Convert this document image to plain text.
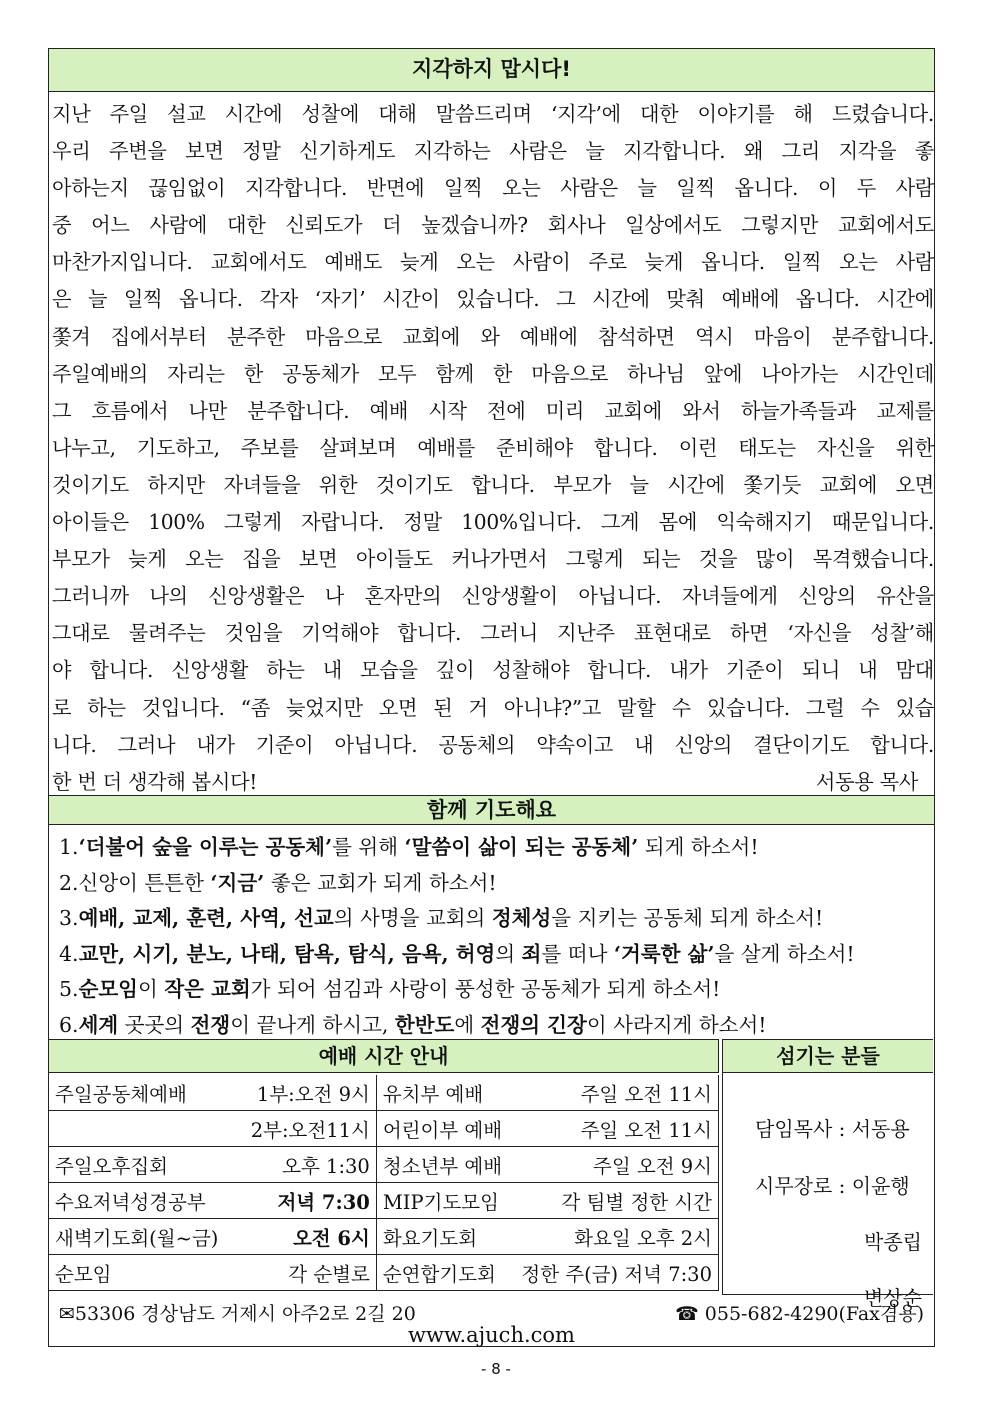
지각하지 맙시다!
지난 주일 설교 시간에 성찰에 대해 말씀드리며 ‘지각’에 대한 이야기를 해 드렸습니다.
우리 주변을 보면 정말 신기하게도 지각하는 사람은 늘 지각합니다. 왜 그리 지각을 좋
아하는지 끊임없이 지각합니다. 반면에 일찍 오는 사람은 늘 일찍 옵니다. 이 두 사람
중 어느 사람에 대한 신뢰도가 더 높겠습니까? 회사나 일상에서도 그렇지만 교회에서도
마찬가지입니다. 교회에서도 예배도 늦게 오는 사람이 주로 늦게 옵니다. 일찍 오는 사람
은 늘 일찍 옵니다. 각자 ‘자기’ 시간이 있습니다. 그 시간에 맞춰 예배에 옵니다. 시간에
쫓겨 집에서부터 분주한 마음으로 교회에 와 예배에 참석하면 역시 마음이 분주합니다.
주일예배의 자리는 한 공동체가 모두 함께 한 마음으로 하나님 앞에 나아가는 시간인데
그 흐름에서 나만 분주합니다. 예배 시작 전에 미리 교회에 와서 하늘가족들과 교제를
나누고, 기도하고, 주보를 살펴보며 예배를 준비해야 합니다. 이런 태도는 자신을 위한
것이기도 하지만 자녀들을 위한 것이기도 합니다. 부모가 늘 시간에 쫓기듯 교회에 오면
아이들은 100% 그렇게 자랍니다. 정말 100%입니다. 그게 몸에 익숙해지기 때문입니다.
부모가 늦게 오는 집을 보면 아이들도 커나가면서 그렇게 되는 것을 많이 목격했습니다.
그러니까 나의 신앙생활은 나 혼자만의 신앙생활이 아닙니다. 자녀들에게 신앙의 유산을
그대로 물려주는 것임을 기억해야 합니다. 그러니 지난주 표현대로 하면 ‘자신을 성찰’해
야 합니다. 신앙생활 하는 내 모습을 깊이 성찰해야 합니다. 내가 기준이 되니 내 맘대
로 하는 것입니다. “좀 늦었지만 오면 된 거 아니냐?”고 말할 수 있습니다. 그럴 수 있습
니다. 그러나 내가 기준이 아닙니다. 공동체의 약속이고 내 신앙의 결단이기도 합니다.
한 번 더 생각해 봅시다!	서동용 목사
함께 기도해요
1.‘더불어 숲을 이루는 공동체’를 위해 ‘말씀이 삶이 되는 공동체’ 되게 하소서!
2.신앙이 튼튼한 ‘지금’ 좋은 교회가 되게 하소서!
3.예배, 교제, 훈련, 사역, 선교의 사명을 교회의 정체성을 지키는 공동체 되게 하소서!
4.교만, 시기, 분노, 나태, 탐욕, 탐식, 음욕, 허영의 죄를 떠나 ‘거룩한 삶’을 살게 하소서!
5.순모임이 작은 교회가 되어 섬김과 사랑이 풍성한 공동체가 되게 하소서!
6.세계 곳곳의 전쟁이 끝나게 하시고, 한반도에 전쟁의 긴장이 사라지게 하소서!
예배 시간 안내	섬기는 분들
주일공동체예배 1부:오전 9시	유치부 예배 주일 오전 11시

2부:오전11시	어린이부 예배 주일 오전 11시

주일오후집회 오후 1:30	청소년부 예배 주일 오전 9시

수요저녁성경공부 저녁 7:30	MIP기도모임 각 팀별 정한 시간

새벽기도회(월~금) 오전 6시	화요기도회 화요일 오후 2시

순모임 각 순별로	순연합기도회 정한 주(금) 저녁 7:30
담임목사 : 서동용
시무장로 : 이윤행
박종립
변상순
✉53306 경상남도 거제시 아주2로 2길 20	☎ 055-682-4290(Fax겸용)
www.ajuch.com
- 8 -
